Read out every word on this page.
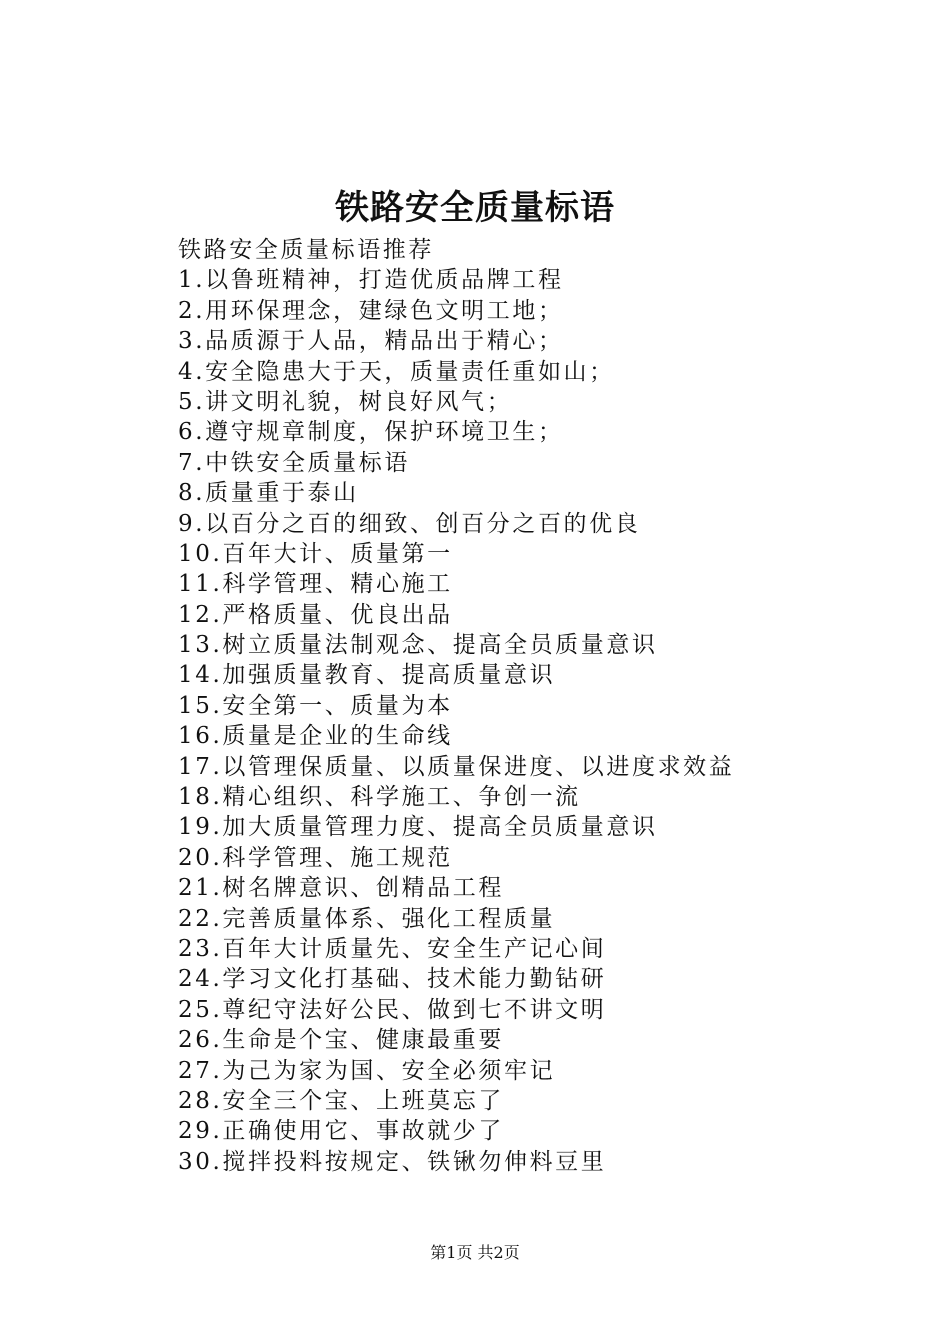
铁路安全质量标语
铁路安全质量标语推荐
1.以鲁班精神，打造优质品牌工程
2.用环保理念，建绿色文明工地；
3.品质源于人品，精品出于精心；
4.安全隐患大于天，质量责任重如山；
5.讲文明礼貌，树良好风气；
6.遵守规章制度，保护环境卫生；
7.中铁安全质量标语
8.质量重于泰山
9.以百分之百的细致、创百分之百的优良
10.百年大计、质量第一
11.科学管理、精心施工
12.严格质量、优良出品
13.树立质量法制观念、提高全员质量意识
14.加强质量教育、提高质量意识
15.安全第一、质量为本
16.质量是企业的生命线
17.以管理保质量、以质量保进度、以进度求效益
18.精心组织、科学施工、争创一流
19.加大质量管理力度、提高全员质量意识
20.科学管理、施工规范
21.树名牌意识、创精品工程
22.完善质量体系、强化工程质量
23.百年大计质量先、安全生产记心间
24.学习文化打基础、技术能力勤钻研
25.尊纪守法好公民、做到七不讲文明
26.生命是个宝、健康最重要
27.为己为家为国、安全必须牢记
28.安全三个宝、上班莫忘了
29.正确使用它、事故就少了
30.搅拌投料按规定、铁锹勿伸料豆里
第1页 共2页
